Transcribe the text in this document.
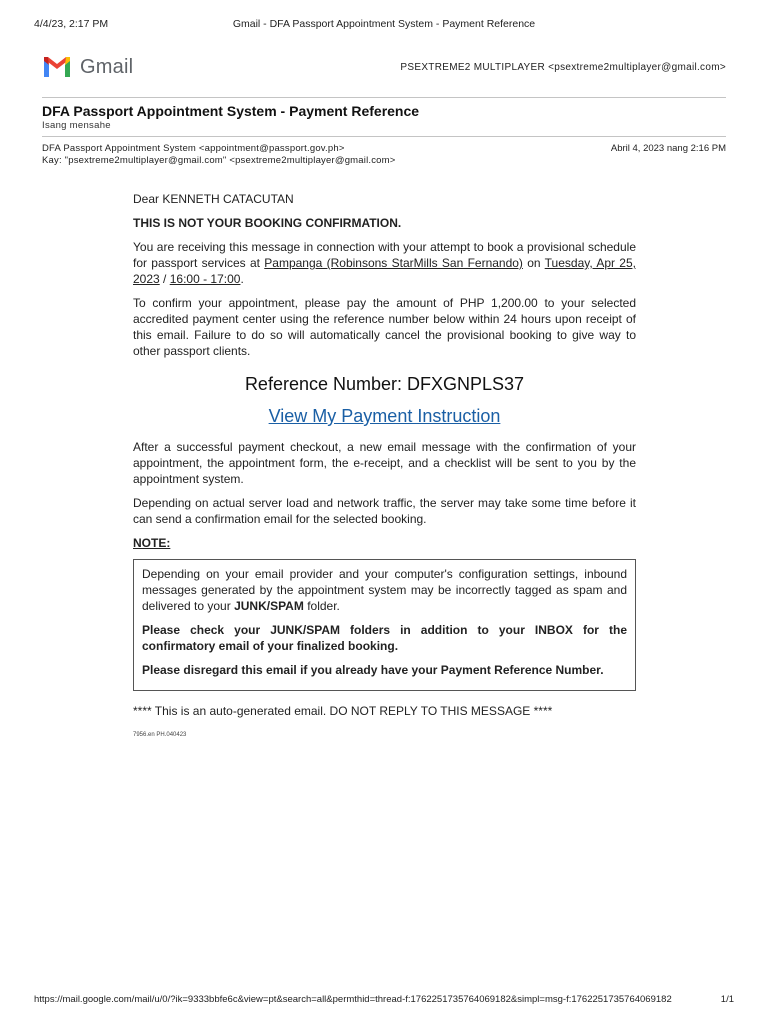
4/4/23, 2:17 PM	Gmail - DFA Passport Appointment System - Payment Reference
Gmail	PSEXTREME2 MULTIPLAYER <psextreme2multiplayer@gmail.com>
DFA Passport Appointment System - Payment Reference
Isang mensahe
DFA Passport Appointment System <appointment@passport.gov.ph>	Abril 4, 2023 nang 2:16 PM
Kay: "psextreme2multiplayer@gmail.com" <psextreme2multiplayer@gmail.com>

Dear KENNETH CATACUTAN

THIS IS NOT YOUR BOOKING CONFIRMATION.

You are receiving this message in connection with your attempt to book a provisional schedule for passport services at Pampanga (Robinsons StarMills San Fernando) on Tuesday, Apr 25, 2023 / 16:00 - 17:00.

To confirm your appointment, please pay the amount of PHP 1,200.00 to your selected accredited payment center using the reference number below within 24 hours upon receipt of this email. Failure to do so will automatically cancel the provisional booking to give way to other passport clients.

Reference Number: DFXGNPLS37
View My Payment Instruction

After a successful payment checkout, a new email message with the confirmation of your appointment, the appointment form, the e-receipt, and a checklist will be sent to you by the appointment system.

Depending on actual server load and network traffic, the server may take some time before it can send a confirmation email for the selected booking.

NOTE:

Depending on your email provider and your computer's configuration settings, inbound messages generated by the appointment system may be incorrectly tagged as spam and delivered to your JUNK/SPAM folder.

Please check your JUNK/SPAM folders in addition to your INBOX for the confirmatory email of your finalized booking.

Please disregard this email if you already have your Payment Reference Number.

**** This is an auto-generated email. DO NOT REPLY TO THIS MESSAGE ****

7956.en PH.040423
https://mail.google.com/mail/u/0/?ik=9333bbfe6c&view=pt&search=all&permthid=thread-f:1762251735764069182&simpl=msg-f:1762251735764069182	1/1
